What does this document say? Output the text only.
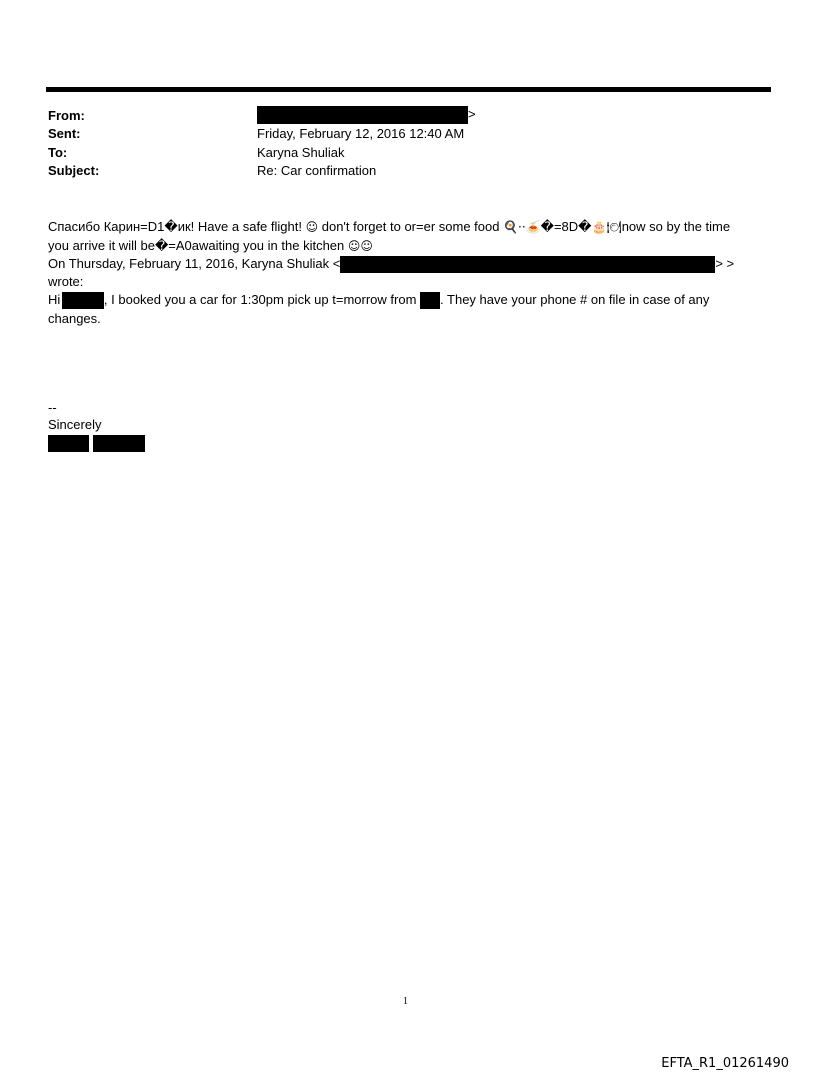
From:	>
Sent:	Friday, February 12, 2016 12:40 AM
To:	Karyna Shuliak
Subject:	Re: Car confirmation
Спасибо Карин=D1�ик! Have a safe flight! ☺ don't forget to or=er some food 🍳··🍝�=8D�🎂🍽now so by the time
you arrive it will be�=A0awaiting you in the kitchen ☺☺
On Thursday, February 11, 2016, Karyna Shuliak <	> >
wrote:
Hi	, I booked you a car for 1:30pm pick up t=morrow from . They have your phone # on file in case of any
changes.
--
Sincerely

1
EFTA_R1_01261490
